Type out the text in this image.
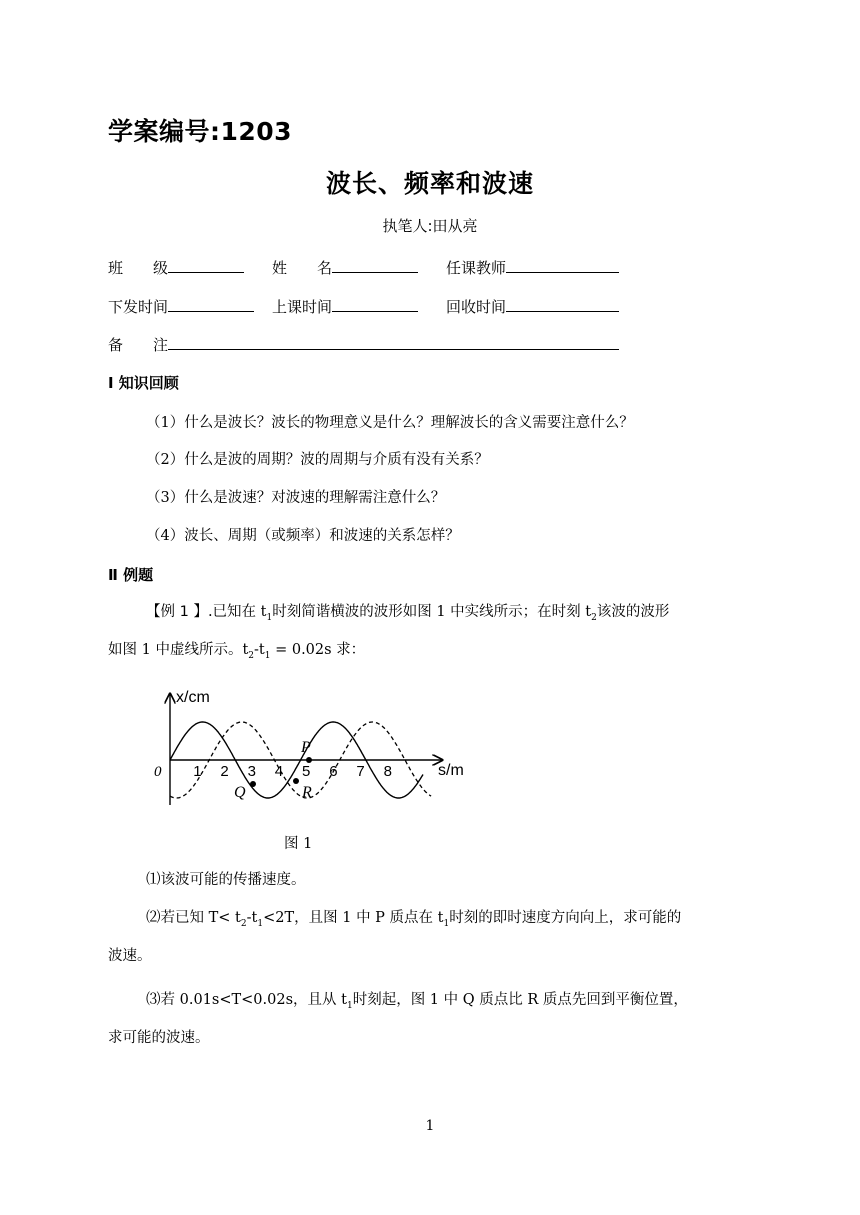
学案编号:1203
波长、频率和波速
执笔人:田从亮
班　　级	姓　　名	任课教师
下发时间	上课时间	回收时间
备　　注
Ⅰ 知识回顾
（1）什么是波长？波长的物理意义是什么？理解波长的含义需要注意什么？
（2）什么是波的周期？波的周期与介质有没有关系？
（3）什么是波速？对波速的理解需注意什么？
（4）波长、周期（或频率）和波速的关系怎样？
Ⅱ 例题
【例 1 】.已知在 $t_1$时刻简谐横波的波形如图 1 中实线所示；在时刻 $t_2$该波的波形
如图 1 中虚线所示。$t_2-t_1 = 0.02s$ 求：
x/cm
s/m
0 1 2 3 4 5 6 7 8
P
Q	R
图 1
⑴该波可能的传播速度。
⑵若已知 $T< t_2-t_1<2T$，且图 1 中 P 质点在 $t_1$时刻的即时速度方向向上，求可能的
波速。
⑶若 0.01s<T<0.02s，且从 $t_1$时刻起，图 1 中 Q 质点比 R 质点先回到平衡位置，
求可能的波速。
1
